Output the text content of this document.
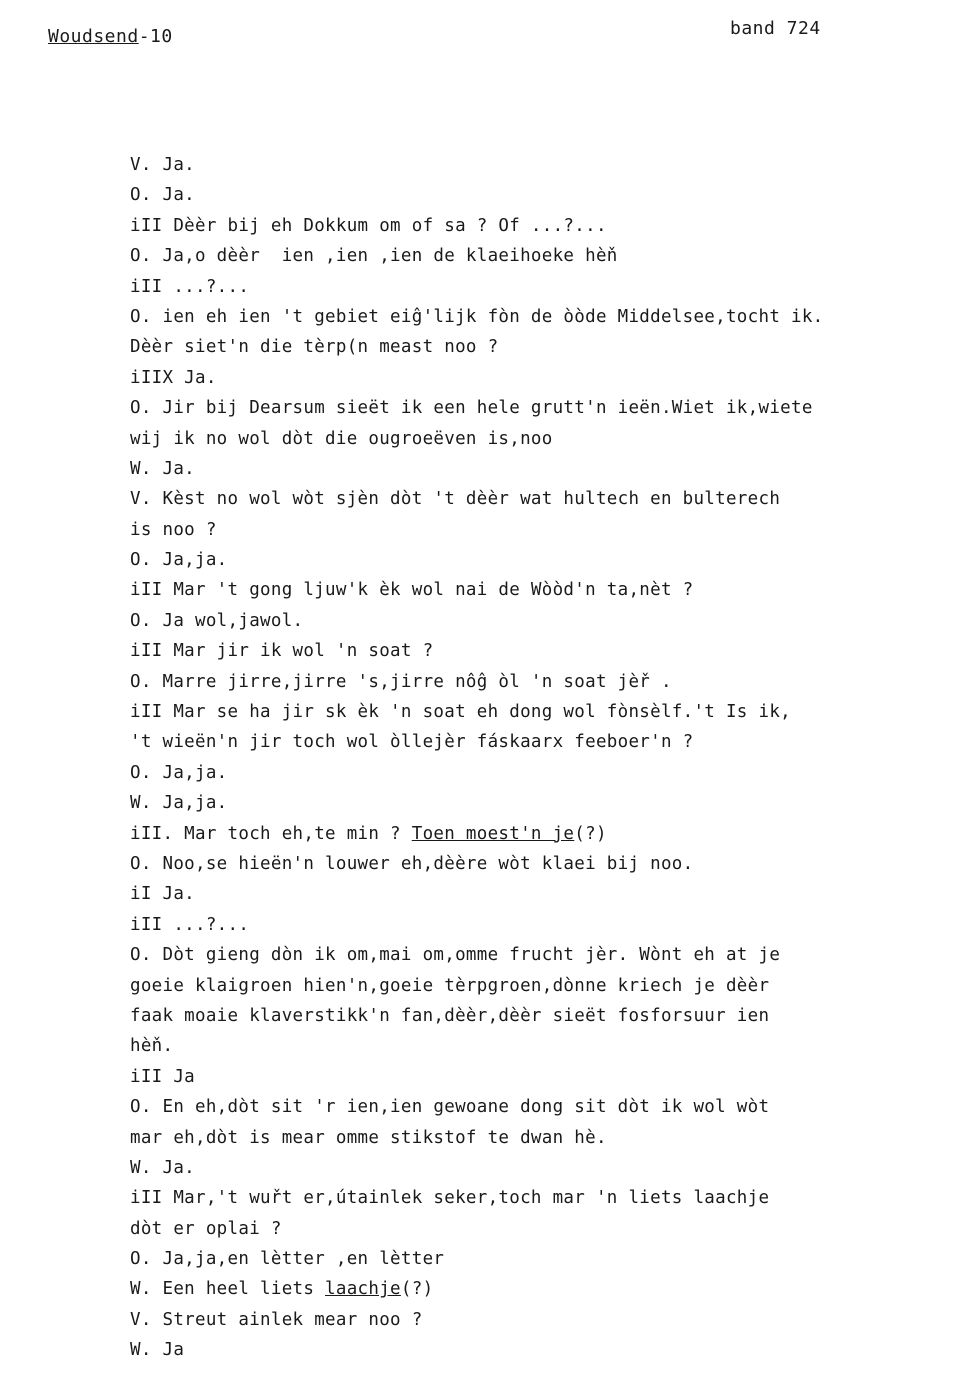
Woudsend-10	band 724
V. Ja.
O. Ja.
iII Dèèr bij eh Dokkum om of sa ? Of ...?...
O. Ja,o dèèr  ien ,ien ,ien de klaeihoeke hèň
iII ...?...
O. ien eh ien 't gebiet eiĝ'lijk fòn de òòde Middelsee,tocht ik.
Dèèr siet'n die tèrp(n meast noo ?
iIIX Ja.
O. Jir bij Dearsum sieët ik een hele grutt'n ieën.Wiet ik,wiete
wij ik no wol dòt die ougroeëven is,noo
W. Ja.
V. Kèst no wol wòt sjèn dòt 't dèèr wat hultech en bulterech
is noo ?
O. Ja,ja.
iII Mar 't gong ljuw'k èk wol nai de Wòòd'n ta,nèt ?
O. Ja wol,jawol.
iII Mar jir ik wol 'n soat ?
O. Marre jirre,jirre 's,jirre nôĝ òl 'n soat jèř .
iII Mar se ha jir sk èk 'n soat eh dong wol fònsèlf.'t Is ik,
't wieën'n jir toch wol òllejèr fáskaarx feeboer'n ?
O. Ja,ja.
W. Ja,ja.
iII. Mar toch eh,te min ? Toen moest'n je(?)
O. Noo,se hieën'n louwer eh,dèère wòt klaei bij noo.
iI Ja.
iII ...?...
O. Dòt gieng dòn ik om,mai om,omme frucht jèr. Wònt eh at je
goeie klaigroen hien'n,goeie tèrpgroen,dònne kriech je dèèr
faak moaie klaverstikk'n fan,dèèr,dèèr sieët fosforsuur ien
hèň.
iII Ja
O. En eh,dòt sit 'r ien,ien gewoane dong sit dòt ik wol wòt
mar eh,dòt is mear omme stikstof te dwan hè.
W. Ja.
iII Mar,'t wuřt er,útainlek seker,toch mar 'n liets laachje
dòt er oplai ?
O. Ja,ja,en lètter ,en lètter
W. Een heel liets laachje(?)
V. Streut ainlek mear noo ?
W. Ja
